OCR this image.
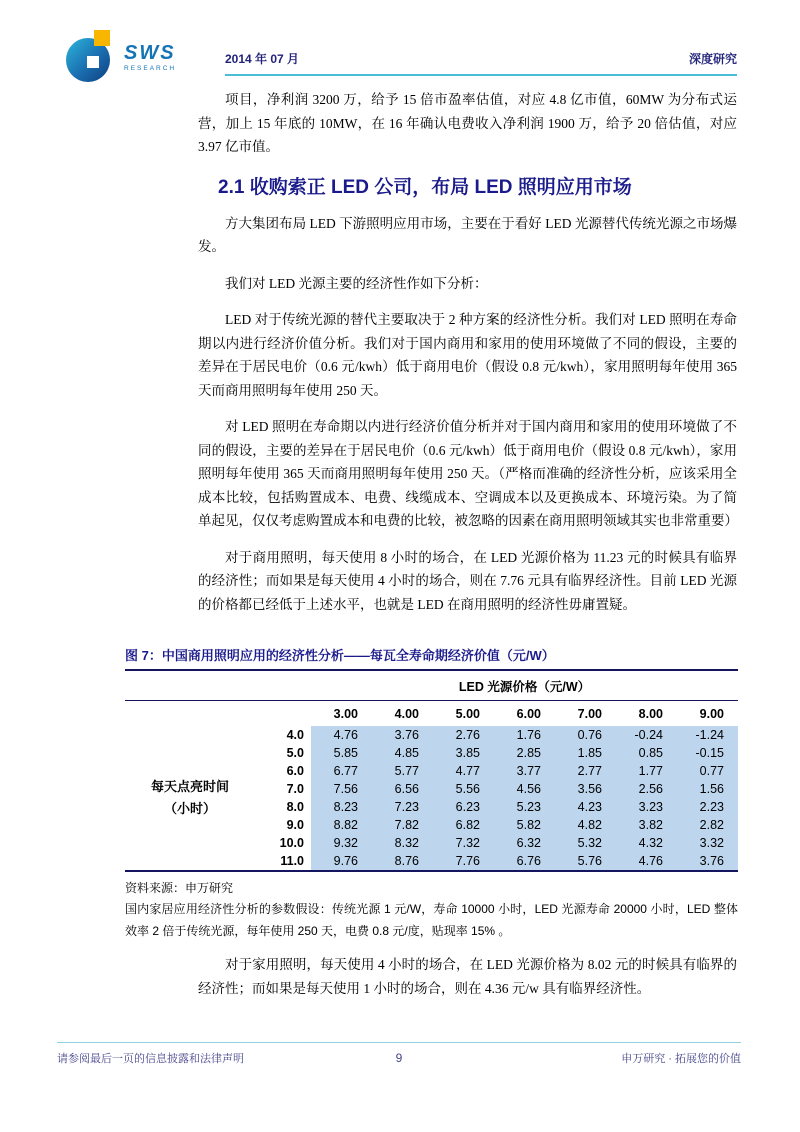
SWS
RESEARCH
2014 年 07 月	深度研究

项目，净利润 3200 万，给予 15 倍市盈率估值，对应 4.8 亿市值，60MW 为分布式运营，加上 15 年底的 10MW，在 16 年确认电费收入净利润 1900 万，给予 20 倍估值，对应 3.97 亿市值。

2.1 收购索正 LED 公司，布局 LED 照明应用市场

方大集团布局 LED 下游照明应用市场，主要在于看好 LED 光源替代传统光源之市场爆发。

我们对 LED 光源主要的经济性作如下分析：

LED 对于传统光源的替代主要取决于 2 种方案的经济性分析。我们对 LED 照明在寿命期以内进行经济价值分析。我们对于国内商用和家用的使用环境做了不同的假设，主要的差异在于居民电价（0.6 元/kwh）低于商用电价（假设 0.8 元/kwh），家用照明每年使用 365 天而商用照明每年使用 250 天。

对 LED 照明在寿命期以内进行经济价值分析并对于国内商用和家用的使用环境做了不同的假设，主要的差异在于居民电价（0.6 元/kwh）低于商用电价（假设 0.8 元/kwh），家用照明每年使用 365 天而商用照明每年使用 250 天。（严格而准确的经济性分析，应该采用全成本比较，包括购置成本、电费、线缆成本、空调成本以及更换成本、环境污染。为了简单起见，仅仅考虑购置成本和电费的比较，被忽略的因素在商用照明领域其实也非常重要）

对于商用照明，每天使用 8 小时的场合，在 LED 光源价格为 11.23 元的时候具有临界的经济性；而如果是每天使用 4 小时的场合，则在 7.76 元具有临界经济性。目前 LED 光源的价格都已经低于上述水平，也就是 LED 在商用照明的经济性毋庸置疑。

图 7：中国商用照明应用的经济性分析——每瓦全寿命期经济价值（元/W）
		LED 光源价格（元/W）						
		3.00	4.00	5.00	6.00	7.00	8.00	9.00

每天点亮时间
（小时）	4.0	4.76	3.76	2.76	1.76	0.76	-0.24	-1.24
	5.0	5.85	4.85	3.85	2.85	1.85	0.85	-0.15
	6.0	6.77	5.77	4.77	3.77	2.77	1.77	0.77
	7.0	7.56	6.56	5.56	4.56	3.56	2.56	1.56
	8.0	8.23	7.23	6.23	5.23	4.23	3.23	2.23
	9.0	8.82	7.82	6.82	5.82	4.82	3.82	2.82
	10.0	9.32	8.32	7.32	6.32	5.32	4.32	3.32
	11.0	9.76	8.76	7.76	6.76	5.76	4.76	3.76
资料来源：申万研究
国内家居应用经济性分析的参数假设：传统光源 1 元/W，寿命 10000 小时，LED 光源寿命 20000 小时，LED 整体效率 2 倍于传统光源，每年使用 250 天，电费 0.8 元/度，贴现率 15% 。

对于家用照明，每天使用 4 小时的场合，在 LED 光源价格为 8.02 元的时候具有临界的经济性；而如果是每天使用 1 小时的场合，则在 4.36 元/w 具有临界经济性。

请参阅最后一页的信息披露和法律声明	9	申万研究 · 拓展您的价值
